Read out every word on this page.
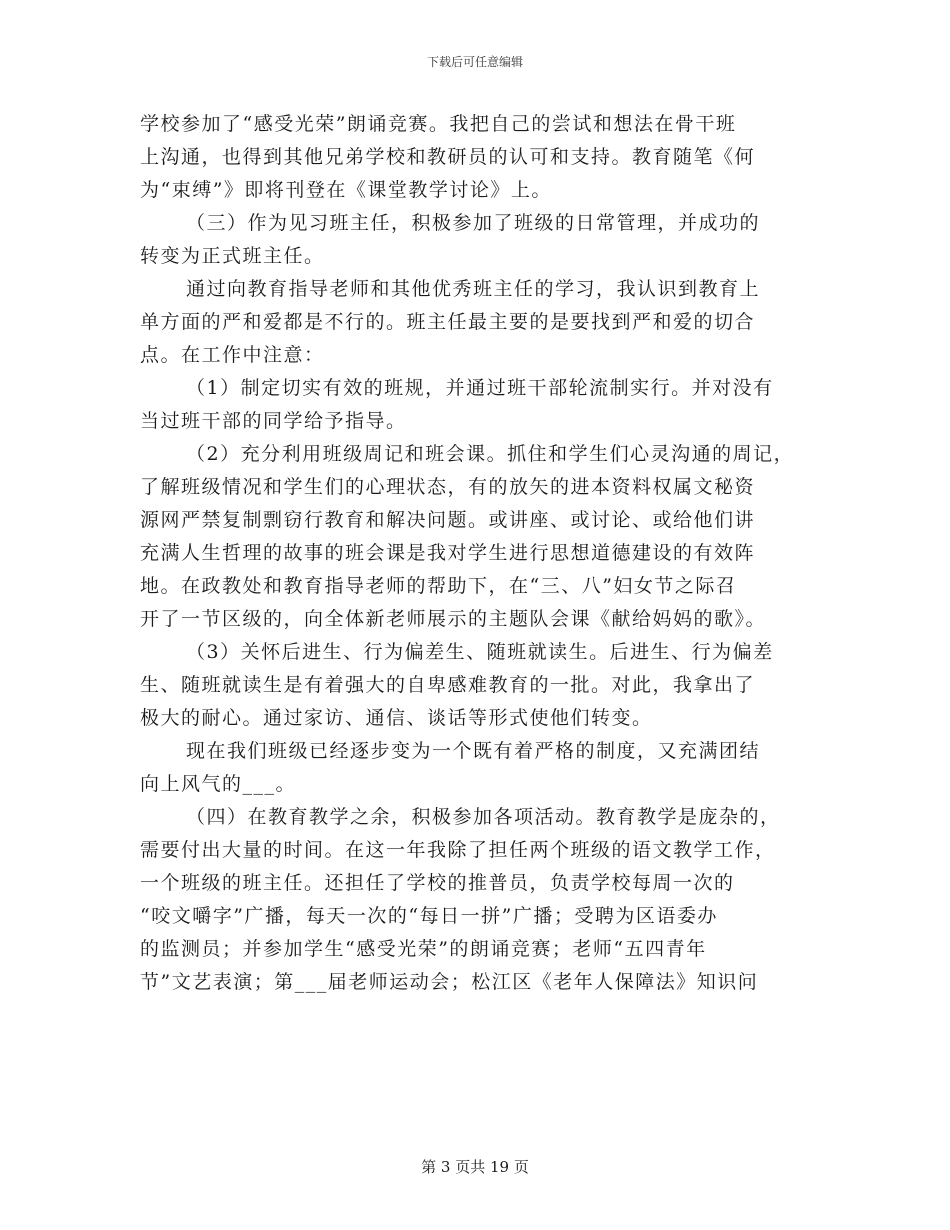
下载后可任意编辑
学校参加了“感受光荣”朗诵竞赛。我把自己的尝试和想法在骨干班
上沟通，也得到其他兄弟学校和教研员的认可和支持。教育随笔《何
为“束缚”》即将刊登在《课堂教学讨论》上。
（三）作为见习班主任，积极参加了班级的日常管理，并成功的
转变为正式班主任。
通过向教育指导老师和其他优秀班主任的学习，我认识到教育上
单方面的严和爱都是不行的。班主任最主要的是要找到严和爱的切合
点。在工作中注意：
（1）制定切实有效的班规，并通过班干部轮流制实行。并对没有
当过班干部的同学给予指导。
（2）充分利用班级周记和班会课。抓住和学生们心灵沟通的周记，
了解班级情况和学生们的心理状态，有的放矢的进本资料权属文秘资
源网严禁复制剽窃行教育和解决问题。或讲座、或讨论、或给他们讲
充满人生哲理的故事的班会课是我对学生进行思想道德建设的有效阵
地。在政教处和教育指导老师的帮助下，在“三、八”妇女节之际召
开了一节区级的，向全体新老师展示的主题队会课《献给妈妈的歌》。
（3）关怀后进生、行为偏差生、随班就读生。后进生、行为偏差
生、随班就读生是有着强大的自卑感难教育的一批。对此，我拿出了
极大的耐心。通过家访、通信、谈话等形式使他们转变。
现在我们班级已经逐步变为一个既有着严格的制度，又充满团结
向上风气的___。
（四）在教育教学之余，积极参加各项活动。教育教学是庞杂的，
需要付出大量的时间。在这一年我除了担任两个班级的语文教学工作，
一个班级的班主任。还担任了学校的推普员，负责学校每周一次的
“咬文嚼字”广播，每天一次的“每日一拼”广播；受聘为区语委办
的监测员；并参加学生“感受光荣”的朗诵竞赛；老师“五四青年
节”文艺表演；第___届老师运动会；松江区《老年人保障法》知识问
第 3 页共 19 页
